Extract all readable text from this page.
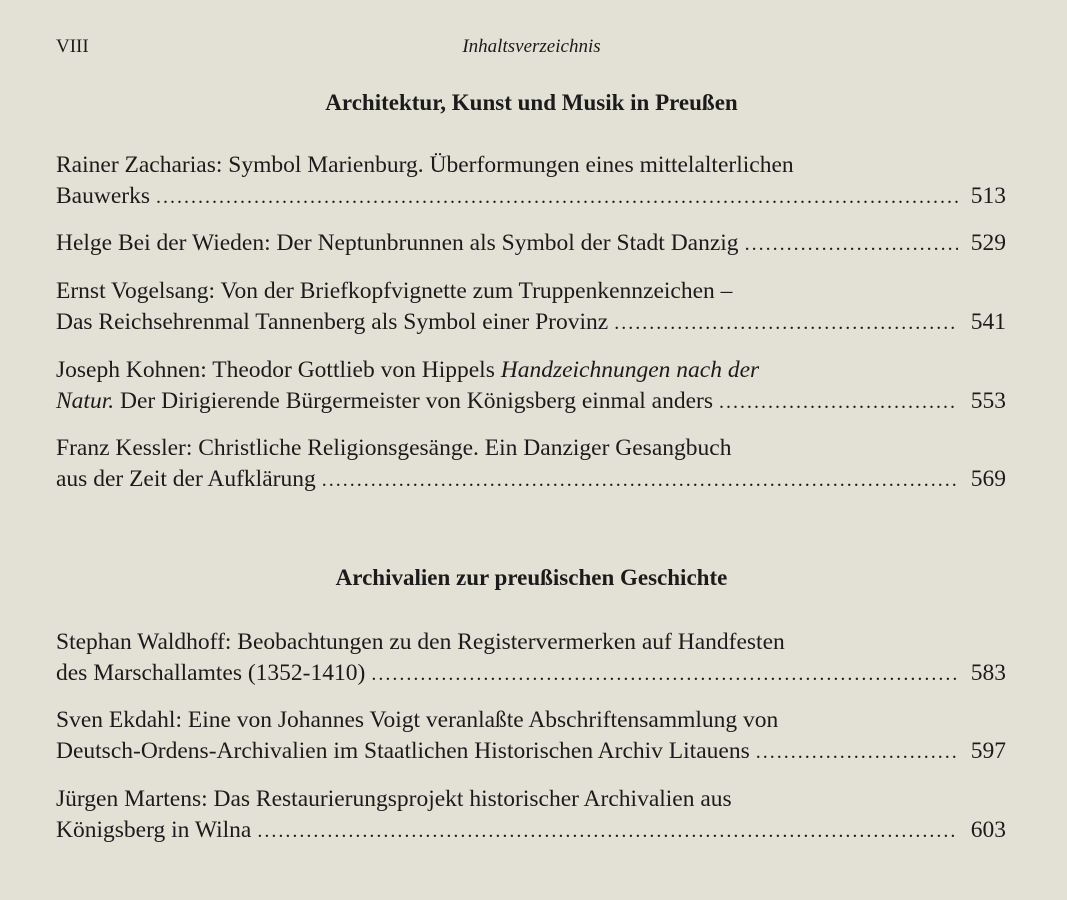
VIII	Inhaltsverzeichnis
Architektur, Kunst und Musik in Preußen
Rainer Zacharias: Symbol Marienburg. Überformungen eines mittelalterlichen
Bauwerks .....	513
Helge Bei der Wieden: Der Neptunbrunnen als Symbol der Stadt Danzig .....	529
Ernst Vogelsang: Von der Briefkopfvignette zum Truppenkennzeichen –
Das Reichsehrenmal Tannenberg als Symbol einer Provinz .....	541
Joseph Kohnen: Theodor Gottlieb von Hippels Handzeichnungen nach der
Natur. Der Dirigierende Bürgermeister von Königsberg einmal anders .....	553
Franz Kessler: Christliche Religionsgesänge. Ein Danziger Gesangbuch
aus der Zeit der Aufklärung .....	569
Archivalien zur preußischen Geschichte
Stephan Waldhoff: Beobachtungen zu den Registervermerken auf Handfesten
des Marschallamtes (1352-1410) .....	583
Sven Ekdahl: Eine von Johannes Voigt veranlaßte Abschriftensammlung von
Deutsch-Ordens-Archivalien im Staatlichen Historischen Archiv Litauens .....	597
Jürgen Martens: Das Restaurierungsprojekt historischer Archivalien aus
Königsberg in Wilna .....	603
